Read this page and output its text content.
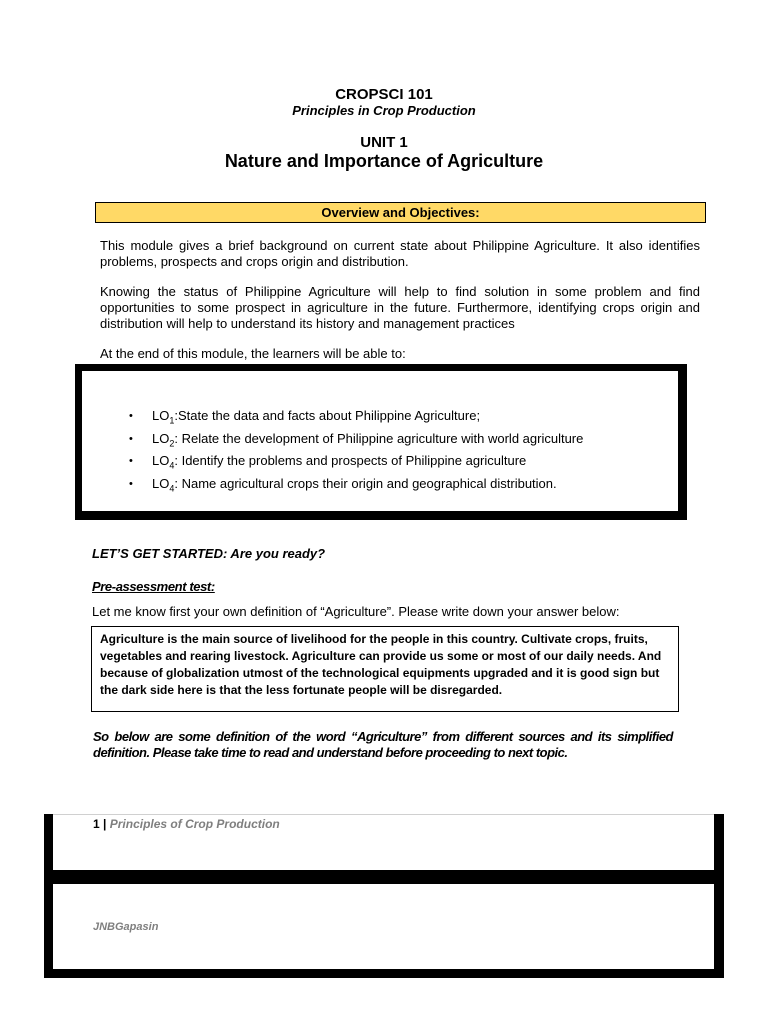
CROPSCI 101
Principles in Crop Production
UNIT 1
Nature and Importance of Agriculture
Overview and Objectives:
This module gives a brief background on current state about Philippine Agriculture. It also identifies problems, prospects and crops origin and distribution.
Knowing the status of Philippine Agriculture will help to find solution in some problem and find opportunities to some prospect in agriculture in the future. Furthermore, identifying crops origin and distribution will help to understand its history and management practices
At the end of this module, the learners will be able to:
• $LO_1:State$ the data and facts about Philippine Agriculture;
• $LO_2$: Relate the development of Philippine agriculture with world agriculture
• $LO_4$: Identify the problems and prospects of Philippine agriculture
• $LO_4$: Name agricultural crops their origin and geographical distribution.
LET’S GET STARTED: Are you ready?
Pre-assessment test:
Let me know first your own definition of “Agriculture”. Please write down your answer below:
Agriculture is the main source of livelihood for the people in this country. Cultivate crops, fruits, vegetables and rearing livestock. Agriculture can provide us some or most of our daily needs. And because of globalization utmost of the technological equipments upgraded and it is good sign but the dark side here is that the less fortunate people will be disregarded.
So below are some definition of the word “Agriculture” from different sources and its simplified definition. Please take time to read and understand before proceeding to next topic.
1 | Principles of Crop Production
JNBGapasin
